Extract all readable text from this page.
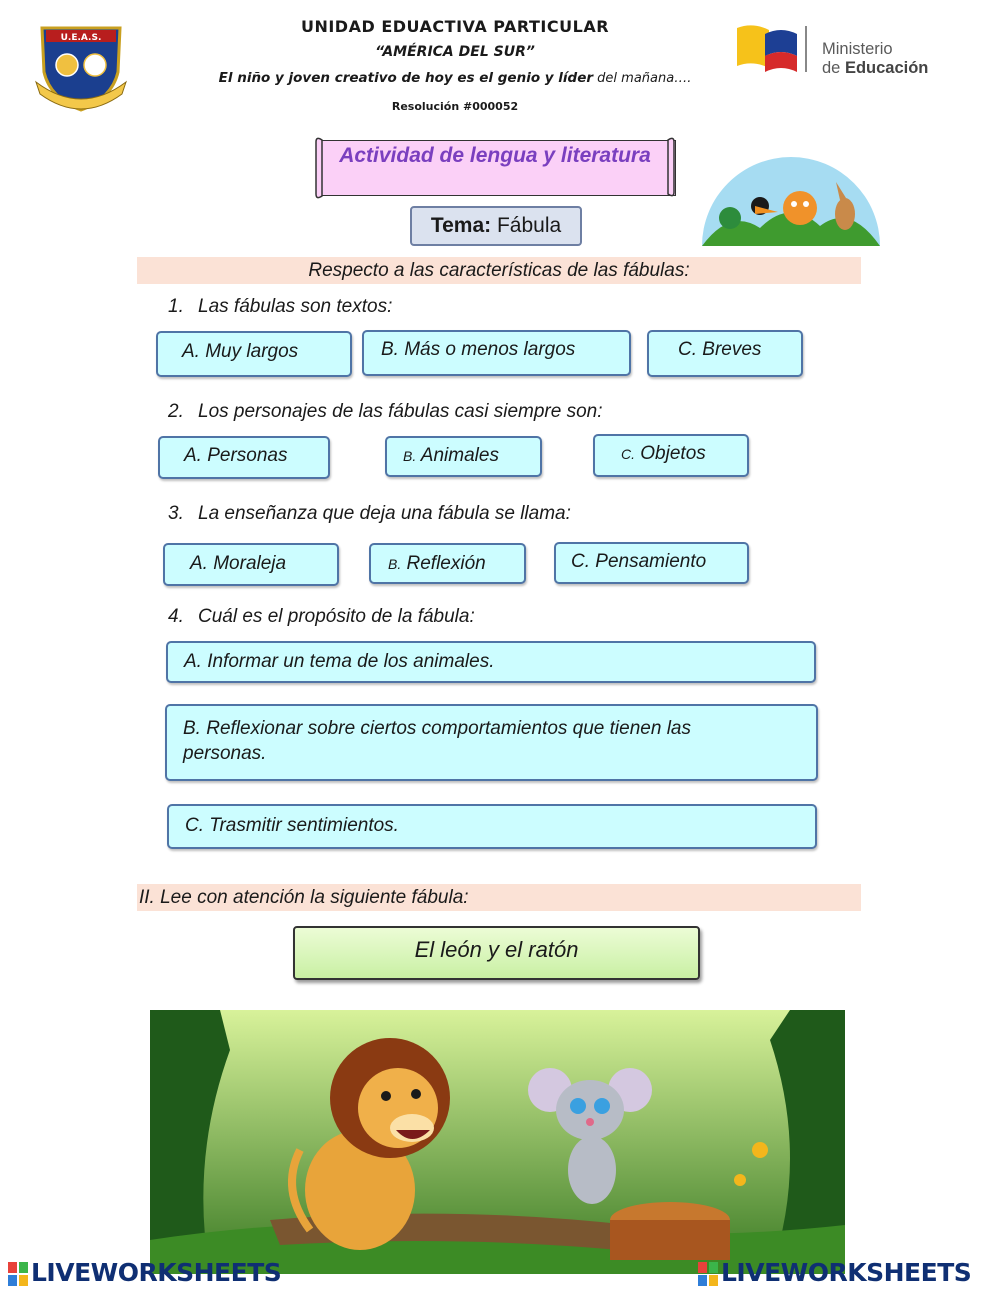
U.E.A.S.
UNIDAD EDUACTIVA PARTICULAR
“AMÉRICA DEL SUR”
El niño y joven creativo de hoy es el genio y líder del mañana….
Resolución #000052
Ministerio
de Educación
Actividad de lengua y literatura
Tema: Fábula
Respecto a las características de las fábulas:
1. Las fábulas son textos:
A. Muy largos	B. Más o menos largos	C. Breves
2. Los personajes de las fábulas casi siempre son:
A. Personas	B. Animales	C. Objetos
3. La enseñanza que deja una fábula se llama:
A. Moraleja	B. Reflexión	C. Pensamiento
4. Cuál es el propósito de la fábula:
A. Informar un tema de los animales.
B. Reflexionar sobre ciertos comportamientos que tienen las personas.
C. Trasmitir sentimientos.
II. Lee con atención la siguiente fábula:
El león y el ratón
LIVEWORKSHEETS	LIVEWORKSHEETS
